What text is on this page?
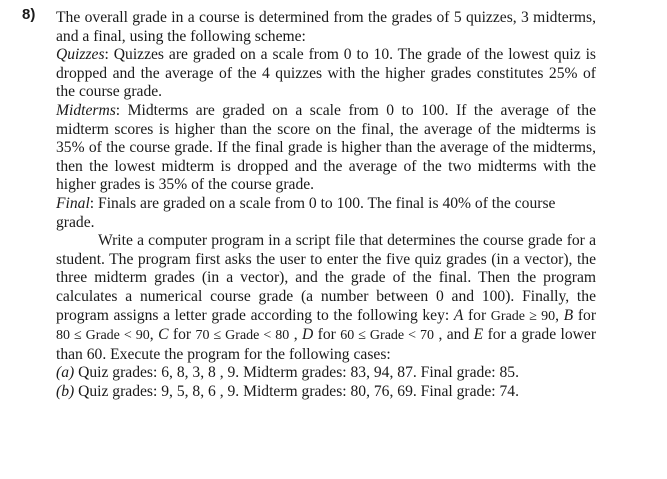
8) The overall grade in a course is determined from the grades of 5 quizzes, 3 midterms, and a final, using the following scheme:

Quizzes: Quizzes are graded on a scale from 0 to 10. The grade of the lowest quiz is dropped and the average of the 4 quizzes with the higher grades constitutes 25% of the course grade.

Midterms: Midterms are graded on a scale from 0 to 100. If the average of the midterm scores is higher than the score on the final, the average of the midterms is 35% of the course grade. If the final grade is higher than the average of the midterms, then the lowest midterm is dropped and the average of the two midterms with the higher grades is 35% of the course grade.

Final: Finals are graded on a scale from 0 to 100. The final is 40% of the course grade.

Write a computer program in a script file that determines the course grade for a student. The program first asks the user to enter the five quiz grades (in a vector), the three midterm grades (in a vector), and the grade of the final. Then the program calculates a numerical course grade (a number between 0 and 100). Finally, the program assigns a letter grade according to the following key: A for Grade ≥ 90, B for 80 ≤ Grade < 90, C for 70 ≤ Grade < 80 , D for 60 ≤ Grade < 70 , and E for a grade lower than 60. Execute the program for the following cases:

(a) Quiz grades: 6, 8, 3, 8 , 9. Midterm grades: 83, 94, 87. Final grade: 85.

(b) Quiz grades: 9, 5, 8, 6 , 9. Midterm grades: 80, 76, 69. Final grade: 74.
